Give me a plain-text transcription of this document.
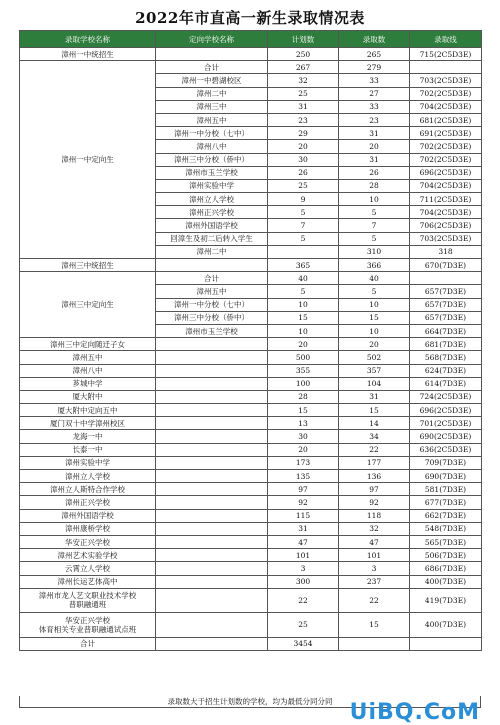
2022年市直高一新生录取情况表
录取学校名称	定向学校名称	计划数	录取数	录取线	
漳州一中统招生		250	265	715(2C5D3E)	
漳州一中定向生	合计	267	279		
	漳州一中碧湖校区	32	33	703(2C5D3E)	
	漳州二中	25	27	702(2C5D3E)	
	漳州三中	31	33	704(2C5D3E)	
	漳州五中	23	23	681(2C5D3E)	
	漳州一中分校（七中）	29	31	691(2C5D3E)	
	漳州八中	20	20	702(2C5D3E)	
	漳州三中分校（侨中）	30	31	702(2C5D3E)	
	漳州市玉兰学校	26	26	696(2C5D3E)	
	漳州实验中学	25	28	704(2C5D3E)	
	漳州立人学校	9	10	711(2C5D3E)	
	漳州正兴学校	5	5	704(2C5D3E)	
	漳州外国语学校	7	7	706(2C5D3E)	
	回漳生及初二后转入学生	5	5	703(2C5D3E)	
	漳州二中		310	318	
漳州三中统招生		365	366	670(7D3E)	
漳州三中定向生	合计	40	40		
	漳州五中	5	5	657(7D3E)	
	漳州一中分校（七中）	10	10	657(7D3E)	
	漳州三中分校（侨中）	15	15	657(7D3E)	
	漳州市玉兰学校	10	10	664(7D3E)	
漳州三中定向随迁子女		20	20	681(7D3E)	
漳州五中		500	502	568(7D3E)	
漳州八中		355	357	624(7D3E)	
芗城中学		100	104	614(7D3E)	
厦大附中		28	31	724(2C5D3E)	
厦大附中定向五中		15	15	696(2C5D3E)	
厦门双十中学漳州校区		13	14	701(2C5D3E)	
龙海一中		30	34	690(2C5D3E)	
长泰一中		20	22	636(2C5D3E)	
漳州实验中学		173	177	709(7D3E)	
漳州立人学校		135	136	690(7D3E)	
漳州立人斯特合作学校		97	97	581(7D3E)	
漳州正兴学校		92	92	677(7D3E)	
漳州外国语学校		115	118	662(7D3E)	
漳州康桥学校		31	32	548(7D3E)	
华安正兴学校		47	47	565(7D3E)	
漳州艺术实验学校		101	101	506(7D3E)	
云霄立人学校		3	3	686(7D3E)	
漳州长运艺体高中		300	237	400(7D3E)	
漳州市龙人艺文职业技术学校
普职融通班		22	22	419(7D3E)	
华安正兴学校
体育相关专业普职融通试点班		25	15	400(7D3E)	
合计		3454			
录取数大于招生计划数的学校，均为最低分同分同 UiBQ.CoM
